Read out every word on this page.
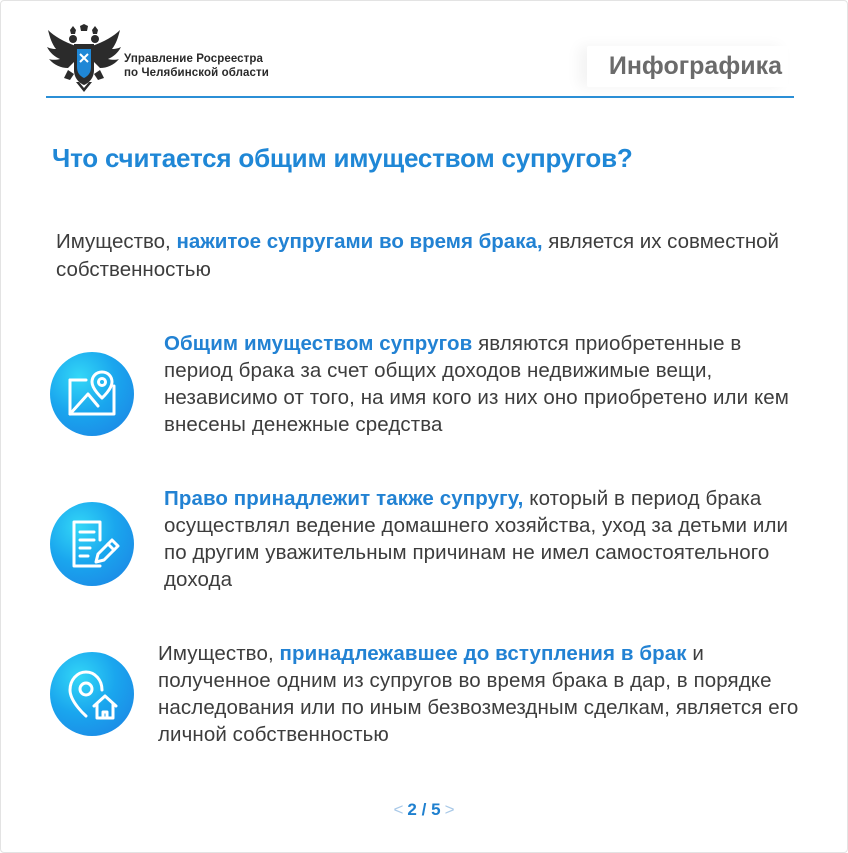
Управление Росреестра
по Челябинской области	Инфографика
Что считается общим имуществом супругов?

Имущество, нажитое супругами во время брака, является их совместной собственностью

Общим имуществом супругов являются приобретенные в период брака за счет общих доходов недвижимые вещи, независимо от того, на имя кого из них оно приобретено или кем внесены денежные средства

Право принадлежит также супругу, который в период брака осуществлял ведение домашнего хозяйства, уход за детьми или по другим уважительным причинам не имел самостоятельного дохода

Имущество, принадлежавшее до вступления в брак и полученное одним из супругов во время брака в дар, в порядке наследования или по иным безвозмездным сделкам, является его личной собственностью

< 2 / 5 >
